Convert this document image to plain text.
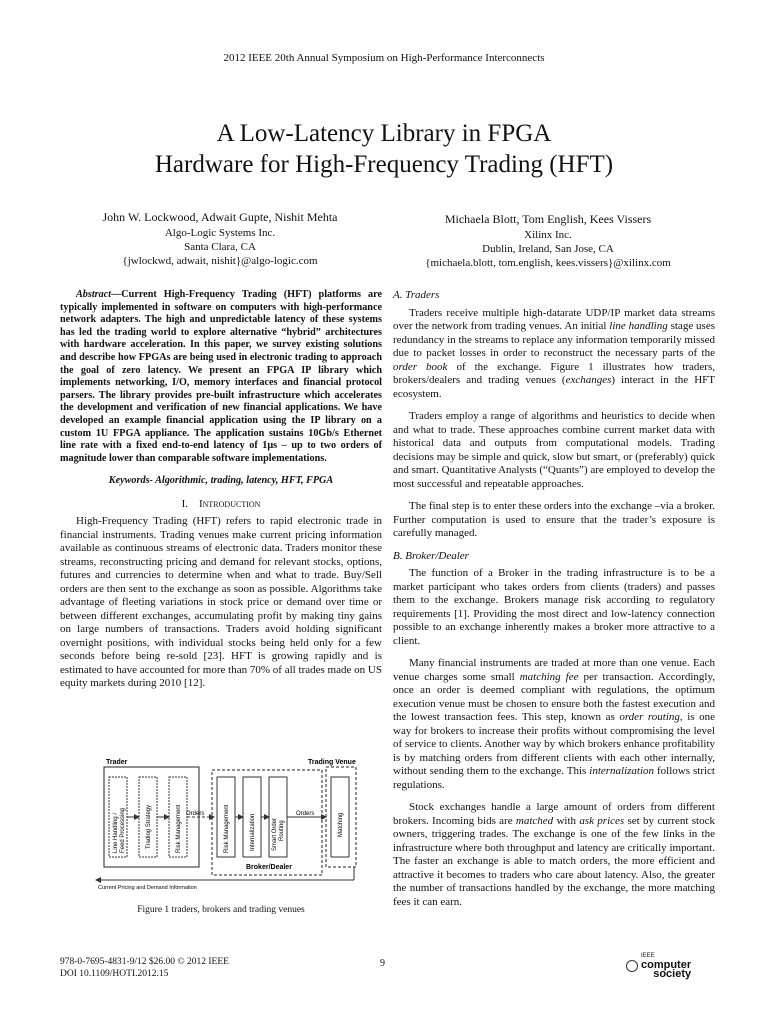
2012 IEEE 20th Annual Symposium on High-Performance Interconnects
A Low-Latency Library in FPGA
Hardware for High-Frequency Trading (HFT)
John W. Lockwood, Adwait Gupte, Nishit Mehta
Algo-Logic Systems Inc.
Santa Clara, CA
{jwlockwd, adwait, nishit}@algo-logic.com
Michaela Blott, Tom English, Kees Vissers
Xilinx Inc.
Dublin, Ireland, San Jose, CA
{michaela.blott, tom.english, kees.vissers}@xilinx.com

Abstract—Current High-Frequency Trading (HFT) platforms are typically implemented in software on computers with high-performance network adapters. The high and unpredictable latency of these systems has led the trading world to explore alternative “hybrid” architectures with hardware acceleration. In this paper, we survey existing solutions and describe how FPGAs are being used in electronic trading to approach the goal of zero latency. We present an FPGA IP library which implements networking, I/O, memory interfaces and financial protocol parsers. The library provides pre-built infrastructure which accelerates the development and verification of new financial applications. We have developed an example financial application using the IP library on a custom 1U FPGA appliance. The application sustains 10Gb/s Ethernet line rate with a fixed end-to-end latency of 1μs – up to two orders of magnitude lower than comparable software implementations.

Keywords- Algorithmic, trading, latency, HFT, FPGA

I. Introduction

High-Frequency Trading (HFT) refers to rapid electronic trade in financial instruments. Trading venues make current pricing information available as continuous streams of electronic data. Traders monitor these streams, reconstructing pricing and demand for relevant stocks, options, futures and currencies to determine when and what to trade. Buy/Sell orders are then sent to the exchange as soon as possible. Algorithms take advantage of fleeting variations in stock price or demand over time or between different exchanges, accumulating profit by making tiny gains on large numbers of transactions. Traders avoid holding significant overnight positions, with individual stocks being held only for a few seconds before being re-sold [23]. HFT is growing rapidly and is estimated to have accounted for more than 70% of all trades made on US equity markets during 2010 [12].

Trader	Trading Venue
Line Handling / Feed Processing	Trading Strategy	Risk Management Orders	Risk Management	Internalization	Smart Order Routing
Orders
Broker/Dealer
Matching
Current Pricing and Demand Information
Figure 1 traders, brokers and trading venues

A. Traders

Traders receive multiple high-datarate UDP/IP market data streams over the network from trading venues. An initial line handling stage uses redundancy in the streams to replace any information temporarily missed due to packet losses in order to reconstruct the necessary parts of the order book of the exchange. Figure 1 illustrates how traders, brokers/dealers and trading venues (exchanges) interact in the HFT ecosystem.

Traders employ a range of algorithms and heuristics to decide when and what to trade. These approaches combine current market data with historical data and outputs from computational models. Trading decisions may be simple and quick, slow but smart, or (preferably) quick and smart. Quantitative Analysts (“Quants”) are employed to develop the most successful and repeatable approaches.

The final step is to enter these orders into the exchange –via a broker. Further computation is used to ensure that the trader’s exposure is carefully managed.

B. Broker/Dealer

The function of a Broker in the trading infrastructure is to be a market participant who takes orders from clients (traders) and passes them to the exchange. Brokers manage risk according to regulatory requirements [1]. Providing the most direct and low-latency connection possible to an exchange inherently makes a broker more attractive to a client.

Many financial instruments are traded at more than one venue. Each venue charges some small matching fee per transaction. Accordingly, once an order is deemed compliant with regulations, the optimum execution venue must be chosen to ensure both the fastest execution and the lowest transaction fees. This step, known as order routing, is one way for brokers to increase their profits without compromising the level of service to clients. Another way by which brokers enhance profitability is by matching orders from different clients with each other internally, without sending them to the exchange. This internalization follows strict regulations.

Stock exchanges handle a large amount of orders from different brokers. Incoming bids are matched with ask prices set by current stock owners, triggering trades. The exchange is one of the few links in the infrastructure where both throughput and latency are critically important. The faster an exchange is able to match orders, the more efficient and attractive it becomes to traders who care about latency. Also, the greater the number of transactions handled by the exchange, the more matching fees it can earn.

978-0-7695-4831-9/12 $26.00 © 2012 IEEE
DOI 10.1109/HOTI.2012.15
9
IEEE
computer
society
